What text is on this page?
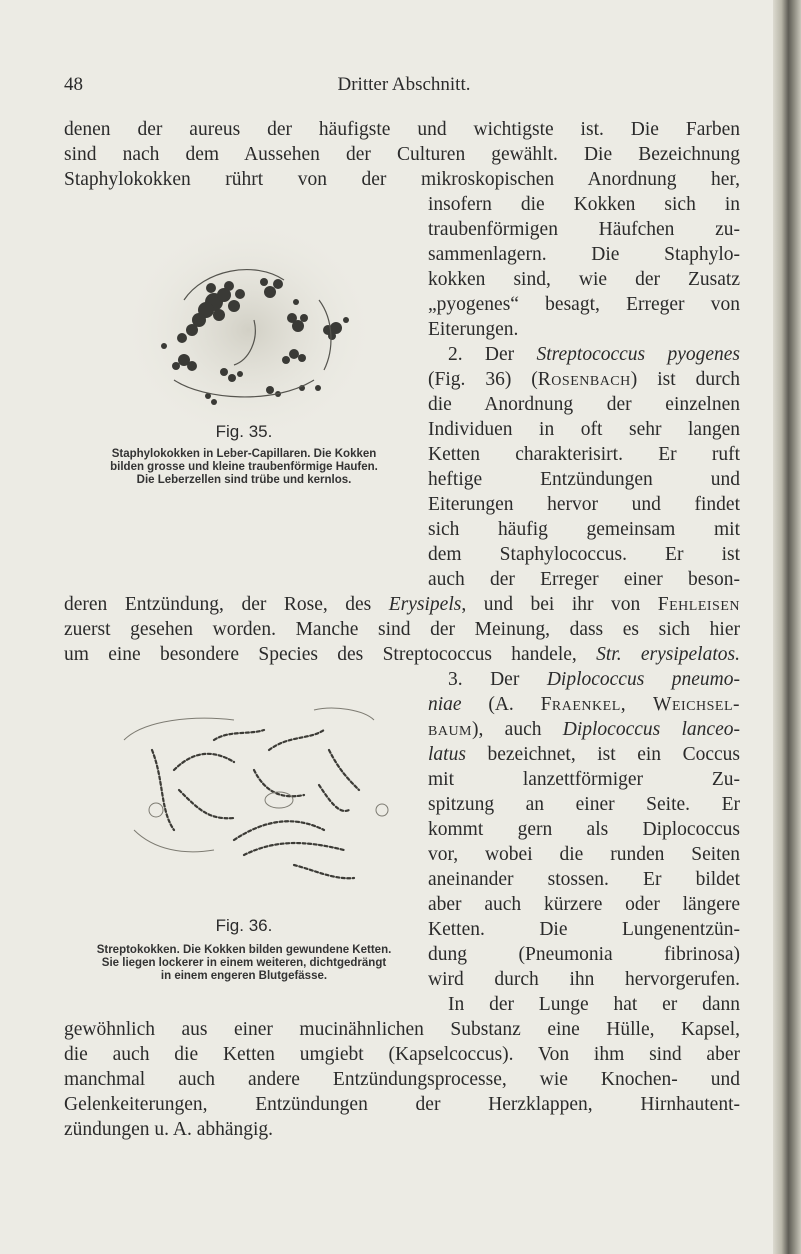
48	Dritter Abschnitt.
denen der aureus der häufigste und wichtigste ist. Die Farben
sind nach dem Aussehen der Culturen gewählt. Die Bezeichnung
Staphylokokken rührt von der mikroskopischen Anordnung her,
insofern die Kokken sich in
traubenförmigen Häufchen zu-
sammenlagern. Die Staphylo-
kokken sind, wie der Zusatz
„pyogenes“ besagt, Erreger von
Eiterungen.
2. Der Streptococcus pyogenes
(Fig. 36) (Rosenbach) ist durch
die Anordnung der einzelnen
Individuen in oft sehr langen
Ketten charakterisirt. Er ruft
heftige Entzündungen und
Eiterungen hervor und findet
sich häufig gemeinsam mit
dem Staphylococcus. Er ist
auch der Erreger einer beson-
deren Entzündung, der Rose, des Erysipels, und bei ihr von Fehleisen
zuerst gesehen worden. Manche sind der Meinung, dass es sich hier
um eine besondere Species des Streptococcus handele, Str. erysipelatos.
3. Der Diplococcus pneumo-
niae (A. Fraenkel, Weichsel-
baum), auch Diplococcus lanceo-
latus bezeichnet, ist ein Coccus
mit lanzettförmiger Zu-
spitzung an einer Seite. Er
kommt gern als Diplococcus
vor, wobei die runden Seiten
aneinander stossen. Er bildet
aber auch kürzere oder längere
Ketten. Die Lungenentzün-
dung (Pneumonia fibrinosa)
wird durch ihn hervorgerufen.
In der Lunge hat er dann
gewöhnlich aus einer mucinähnlichen Substanz eine Hülle, Kapsel,
die auch die Ketten umgiebt (Kapselcoccus). Von ihm sind aber
manchmal auch andere Entzündungsprocesse, wie Knochen- und
Gelenkeiterungen, Entzündungen der Herzklappen, Hirnhautent-
zündungen u. A. abhängig.
Fig. 35.
Staphylokokken in Leber-Capillaren. Die Kokken
bilden grosse und kleine traubenförmige Haufen.
Die Leberzellen sind trübe und kernlos.
Fig. 36.
Streptokokken. Die Kokken bilden gewundene Ketten.
Sie liegen lockerer in einem weiteren, dichtgedrängt
in einem engeren Blutgefässe.
